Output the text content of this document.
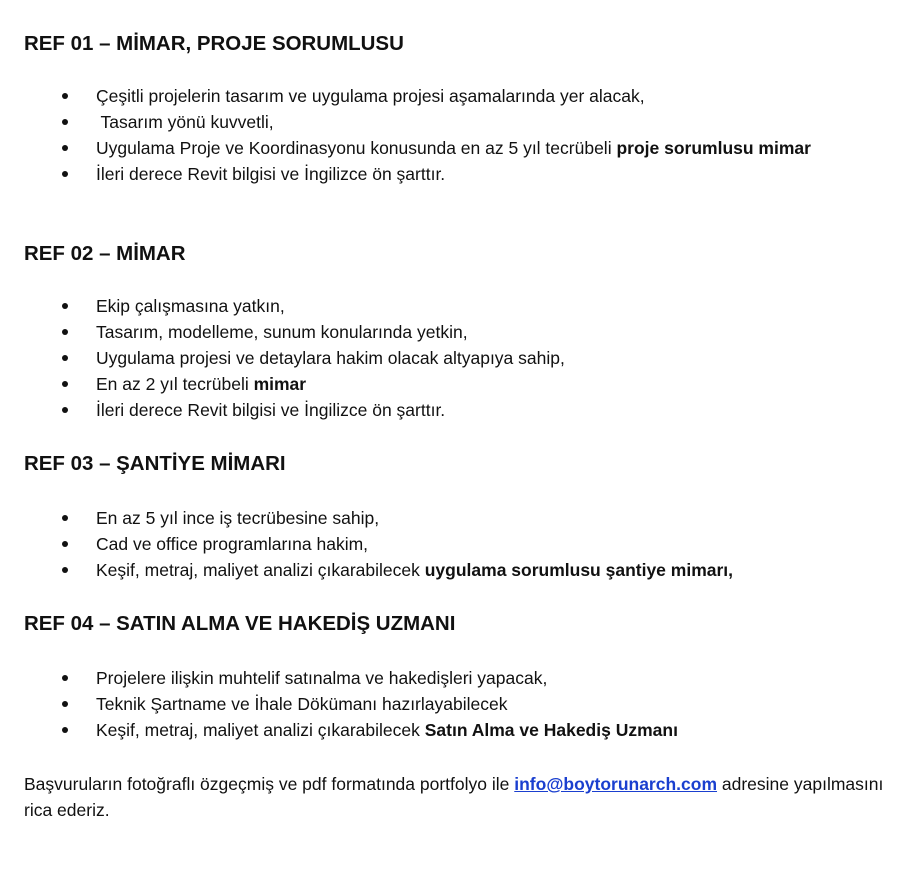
REF 01 – MİMAR, PROJE SORUMLUSU
Çeşitli projelerin tasarım ve uygulama projesi aşamalarında yer alacak,
Tasarım yönü kuvvetli,
Uygulama Proje ve Koordinasyonu konusunda en az 5 yıl tecrübeli proje sorumlusu mimar
İleri derece Revit bilgisi ve İngilizce ön şarttır.
REF 02 – MİMAR
Ekip çalışmasına yatkın,
Tasarım, modelleme, sunum konularında yetkin,
Uygulama projesi ve detaylara hakim olacak altyapıya sahip,
En az 2 yıl tecrübeli mimar
İleri derece Revit bilgisi ve İngilizce ön şarttır.
REF 03 – ŞANTİYE MİMARI
En az 5 yıl ince iş tecrübesine sahip,
Cad ve office programlarına hakim,
Keşif, metraj, maliyet analizi çıkarabilecek uygulama sorumlusu şantiye mimarı,
REF 04 – SATIN ALMA VE HAKEDİŞ UZMANI
Projelere ilişkin muhtelif satınalma ve hakedişleri yapacak,
Teknik Şartname ve İhale Dökümanı hazırlayabilecek
Keşif, metraj, maliyet analizi çıkarabilecek Satın Alma ve Hakediş Uzmanı

Başvuruların fotoğraflı özgeçmiş ve pdf formatında portfolyo ile info@boytorunarch.com adresine yapılmasını rica ederiz.
